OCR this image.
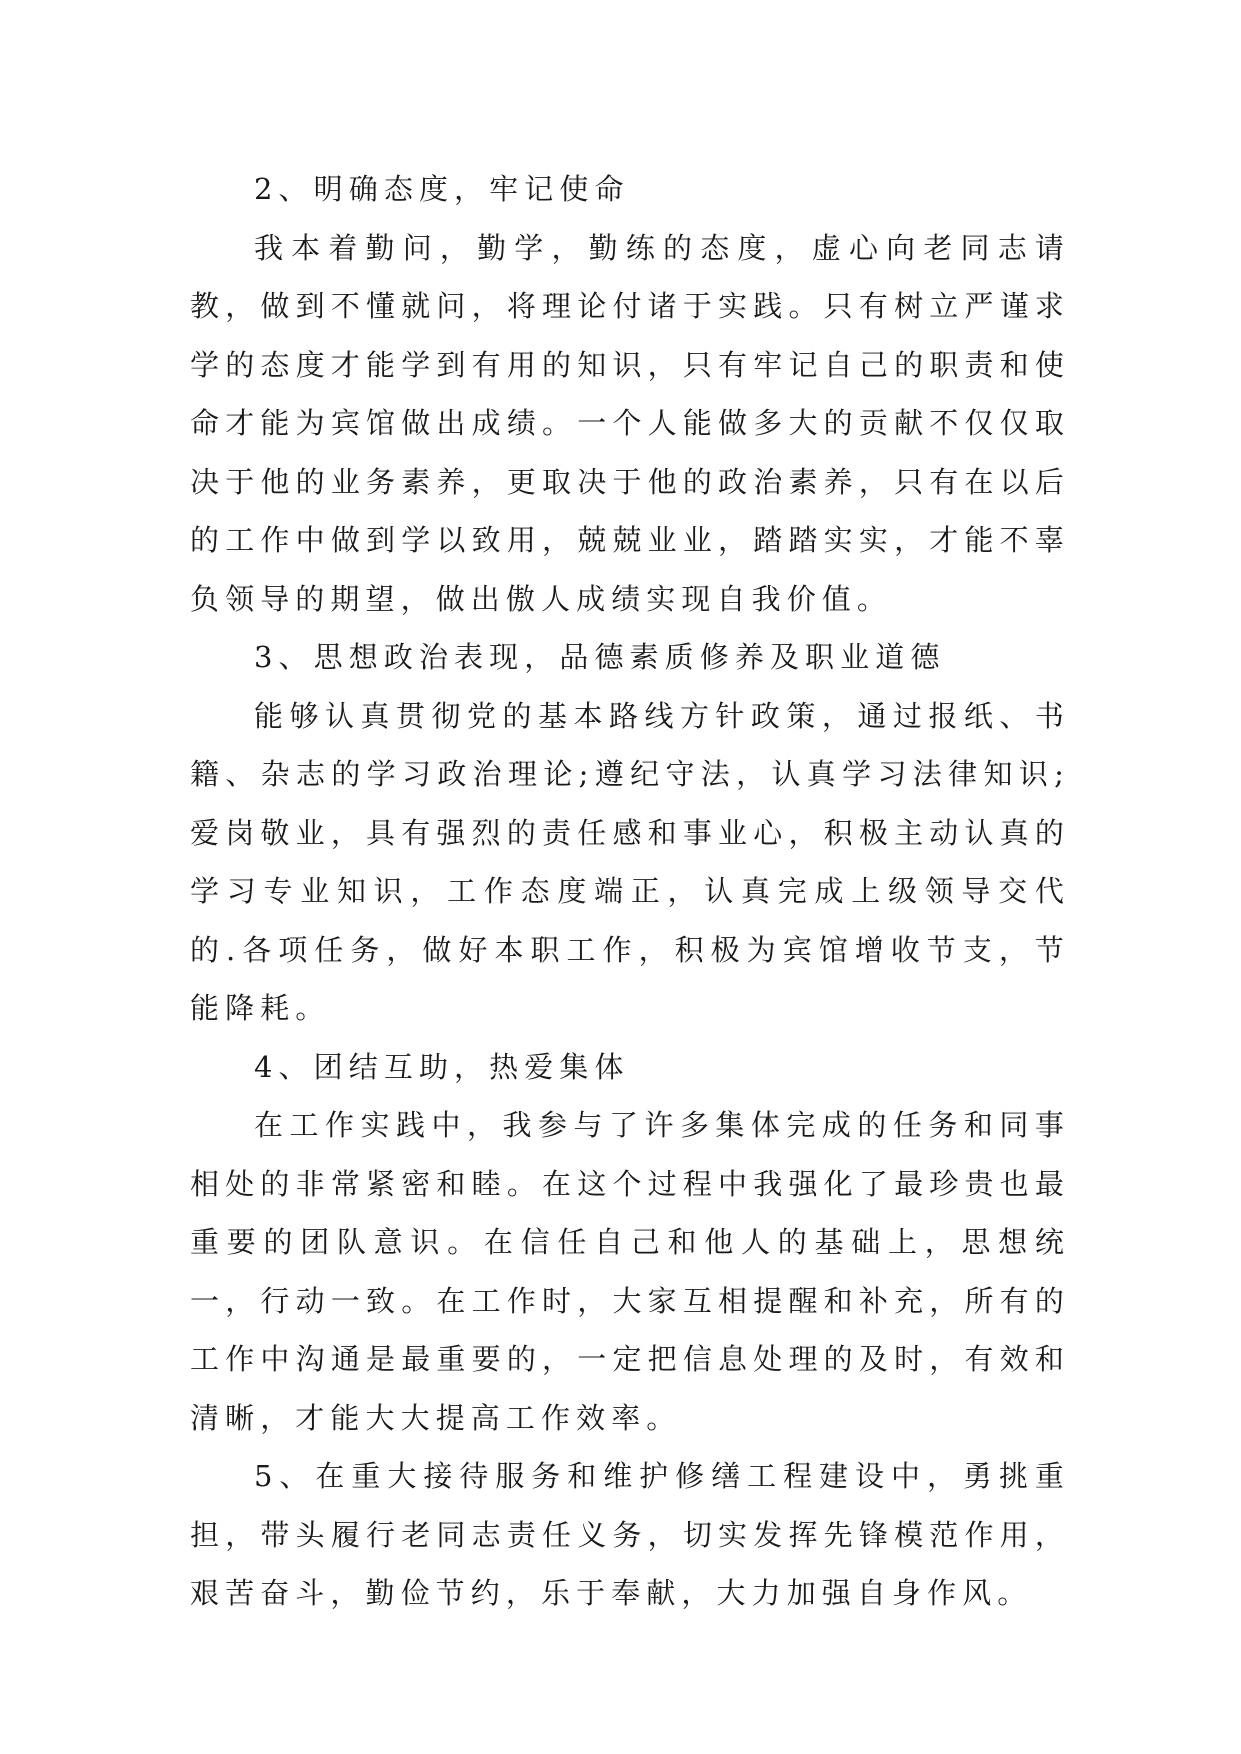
2、明确态度，牢记使命

我本着勤问，勤学，勤练的态度，虚心向老同志请教，做到不懂就问，将理论付诸于实践。只有树立严谨求学的态度才能学到有用的知识，只有牢记自己的职责和使命才能为宾馆做出成绩。一个人能做多大的贡献不仅仅取决于他的业务素养，更取决于他的政治素养，只有在以后的工作中做到学以致用，兢兢业业，踏踏实实，才能不辜负领导的期望，做出傲人成绩实现自我价值。

3、思想政治表现，品德素质修养及职业道德

能够认真贯彻党的基本路线方针政策，通过报纸、书籍、杂志的学习政治理论;遵纪守法，认真学习法律知识;爱岗敬业，具有强烈的责任感和事业心，积极主动认真的学习专业知识，工作态度端正，认真完成上级领导交代的.各项任务，做好本职工作，积极为宾馆增收节支，节能降耗。

4、团结互助，热爱集体

在工作实践中，我参与了许多集体完成的任务和同事相处的非常紧密和睦。在这个过程中我强化了最珍贵也最重要的团队意识。在信任自己和他人的基础上，思想统一，行动一致。在工作时，大家互相提醒和补充，所有的工作中沟通是最重要的，一定把信息处理的及时，有效和清晰，才能大大提高工作效率。

5、在重大接待服务和维护修缮工程建设中，勇挑重担，带头履行老同志责任义务，切实发挥先锋模范作用，艰苦奋斗，勤俭节约，乐于奉献，大力加强自身作风。
